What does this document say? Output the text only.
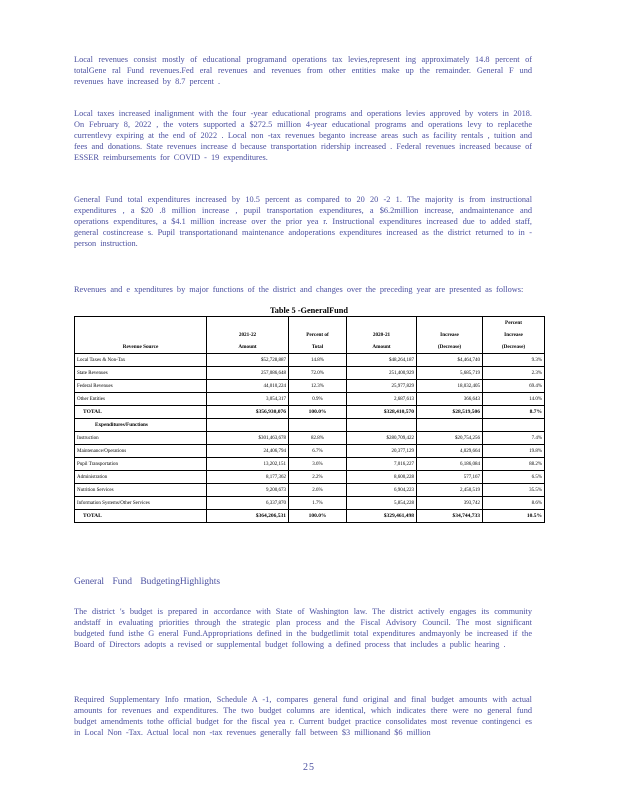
Local revenues consist mostly of educational programand operations tax levies,represent ing approximately 14.8 percent of totalGene ral Fund revenues.Fed eral revenues and revenues from other entities make up the remainder. General F und revenues have increased by 8.7 percent .

Local taxes increased inalignment with the four -year educational programs and operations levies approved by voters in 2018. On February 8, 2022 , the voters supported a $272.5 million 4-year educational programs and operations levy to replacethe currentlevy expiring at the end of 2022 . Local non -tax revenues beganto increase areas such as facility rentals , tuition and fees and donations. State revenues increase d because transportation ridership increased . Federal revenues increased because of ESSER reimbursements for COVID - 19 expenditures.

General Fund total expenditures increased by 10.5 percent as compared to 20 20 -2 1. The majority is from instructional expenditures , a $20 .8 million increase , pupil transportation expenditures, a $6.2million increase, andmaintenance and operations expenditures, a $4.1 million increase over the prior yea r. Instructional expenditures increased due to added staff, general costincrease s. Pupil transportationand maintenance andoperations expenditures increased as the district returned to in -person instruction.

Revenues and e xpenditures by major functions of the district and changes over the preceding year are presented as follows:

Table 5 -GeneralFund
					Percent
	2021-22	Percent of	2020-21	Increase	Increase
Revenue Source	Amount	Total	Amount	(Decrease)	(Decrease)
Local Taxes & Non-Tax	$52,728,887	14.8%	$48,264,187	$4,464,740	9.3%
State Revenues	257,086,648	72.0%	251,400,929	5,685,719	2.3%
Federal Revenues	44,010,224	12.3%	25,977,829	18,032,405	69.4%
Other Entities	3,054,317	0.9%	2,687,613	366,643	14.0%
TOTAL	$356,930,076	100.0%	$328,410,570	$28,519,506	8.7%
Expenditures/Functions					
Instruction	$301,463,678	82.8%	$280,709,422	$20,754,256	7.4%
Maintenance/Operations	24,406,794	6.7%	20,377,129	4,029,664	19.8%
Pupil Transportation	13,202,151	3.6%	7,016,227	6,186,084	88.2%
Administration	8,177,362	2.2%	8,600,228	577,167	6.5%
Nutrition Services	9,200,673	2.6%	6,904,223	2,450,519	35.5%
Information Systems/Other Services	6,337,870	1.7%	5,854,228	393,742	8.6%
TOTAL	$364,206,531	100.0%	$329,461,498	$34,744,733	10.5%
General Fund BudgetingHighlights

The district 's budget is prepared in accordance with State of Washington law. The district actively engages its community andstaff in evaluating priorities through the strategic plan process and the Fiscal Advisory Council. The most significant budgeted fund isthe G eneral Fund.Appropriations defined in the budgetlimit total expenditures andmayonly be increased if the Board of Directors adopts a revised or supplemental budget following a defined process that includes a public hearing .

Required Supplementary Info rmation, Schedule A -1, compares general fund original and final budget amounts with actual amounts for revenues and expenditures. The two budget columns are identical, which indicates there were no general fund budget amendments tothe official budget for the fiscal yea r. Current budget practice consolidates most revenue contingenci es in Local Non -Tax. Actual local non -tax revenues generally fall between $3 millionand $6 million

25
